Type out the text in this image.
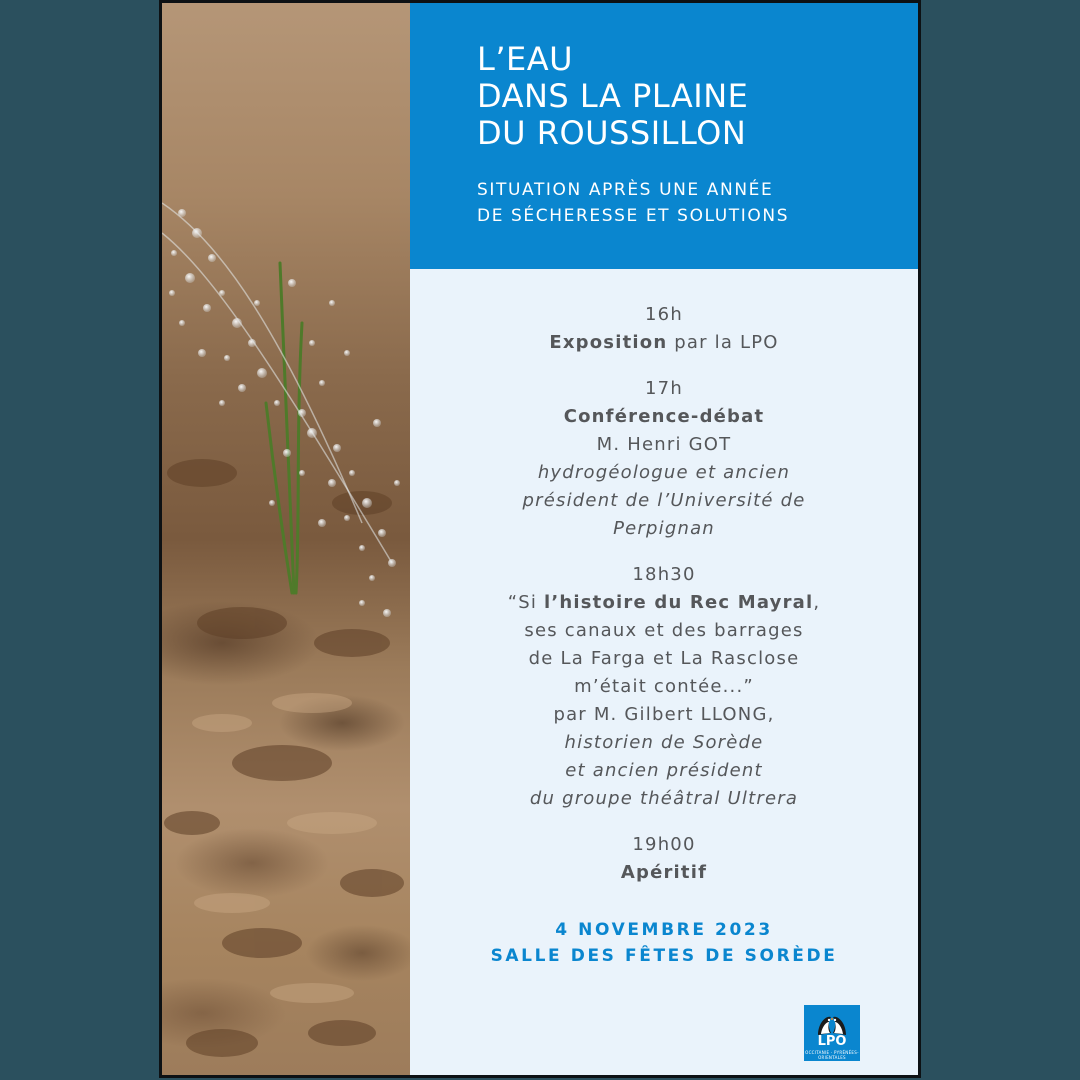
L’EAU
DANS LA PLAINE
DU ROUSSILLON
SITUATION APRÈS UNE ANNÉE
DE SÉCHERESSE ET SOLUTIONS
16h
Exposition par la LPO
17h
Conférence-débat
M. Henri GOT
hydrogéologue et ancien
président de l’Université de
Perpignan
18h30
“Si l’histoire du Rec Mayral,
ses canaux et des barrages
de La Farga et La Rasclose
m’était contée...”
par M. Gilbert LLONG,
historien de Sorède
et ancien président
du groupe théâtral Ultrera
19h00
Apéritif
4 NOVEMBRE 2023
SALLE DES FÊTES DE SORÈDE
LPO
OCCITANIE · PYRÉNÉES-ORIENTALES
